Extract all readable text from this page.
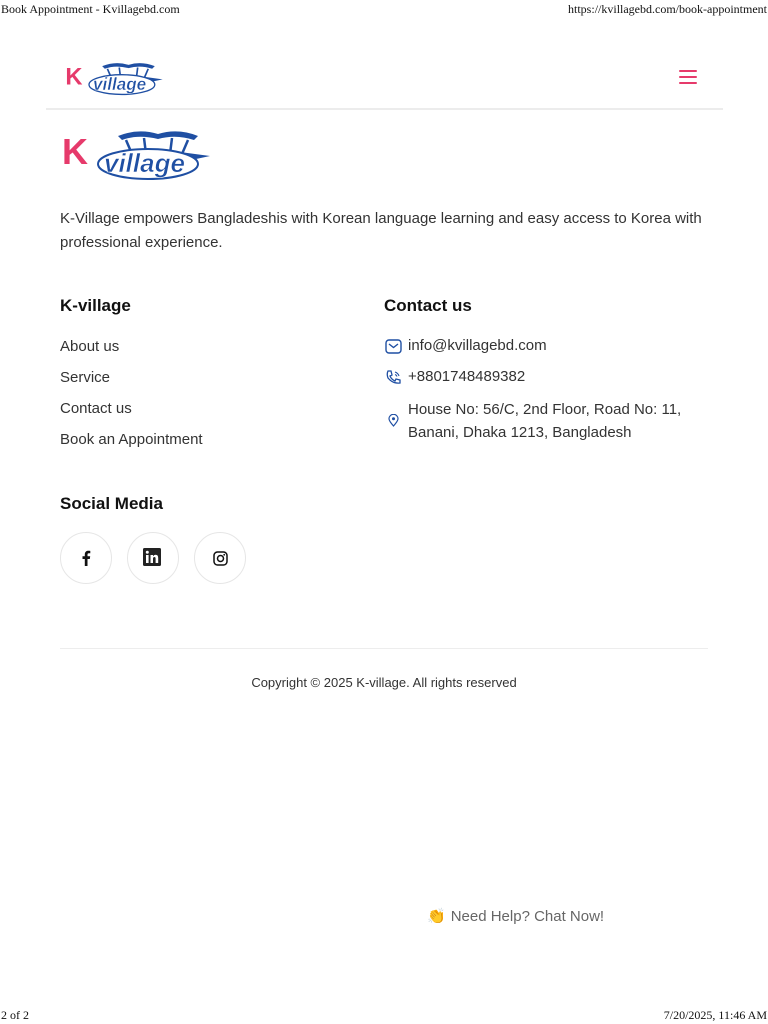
Book Appointment - Kvillagebd.com	https://kvillagebd.com/book-appointment
K village
K village

K-Village empowers Bangladeshis with Korean language learning and easy access to Korea with professional experience.

K-village
About us
Service
Contact us
Book an Appointment
Contact us
info@kvillagebd.com
+8801748489382
House No: 56/C, 2nd Floor, Road No: 11,
Banani, Dhaka 1213, Bangladesh
Social Media
Copyright © 2025 K-village. All rights reserved
👏 Need Help? Chat Now!
2 of 2	7/20/2025, 11:46 AM
